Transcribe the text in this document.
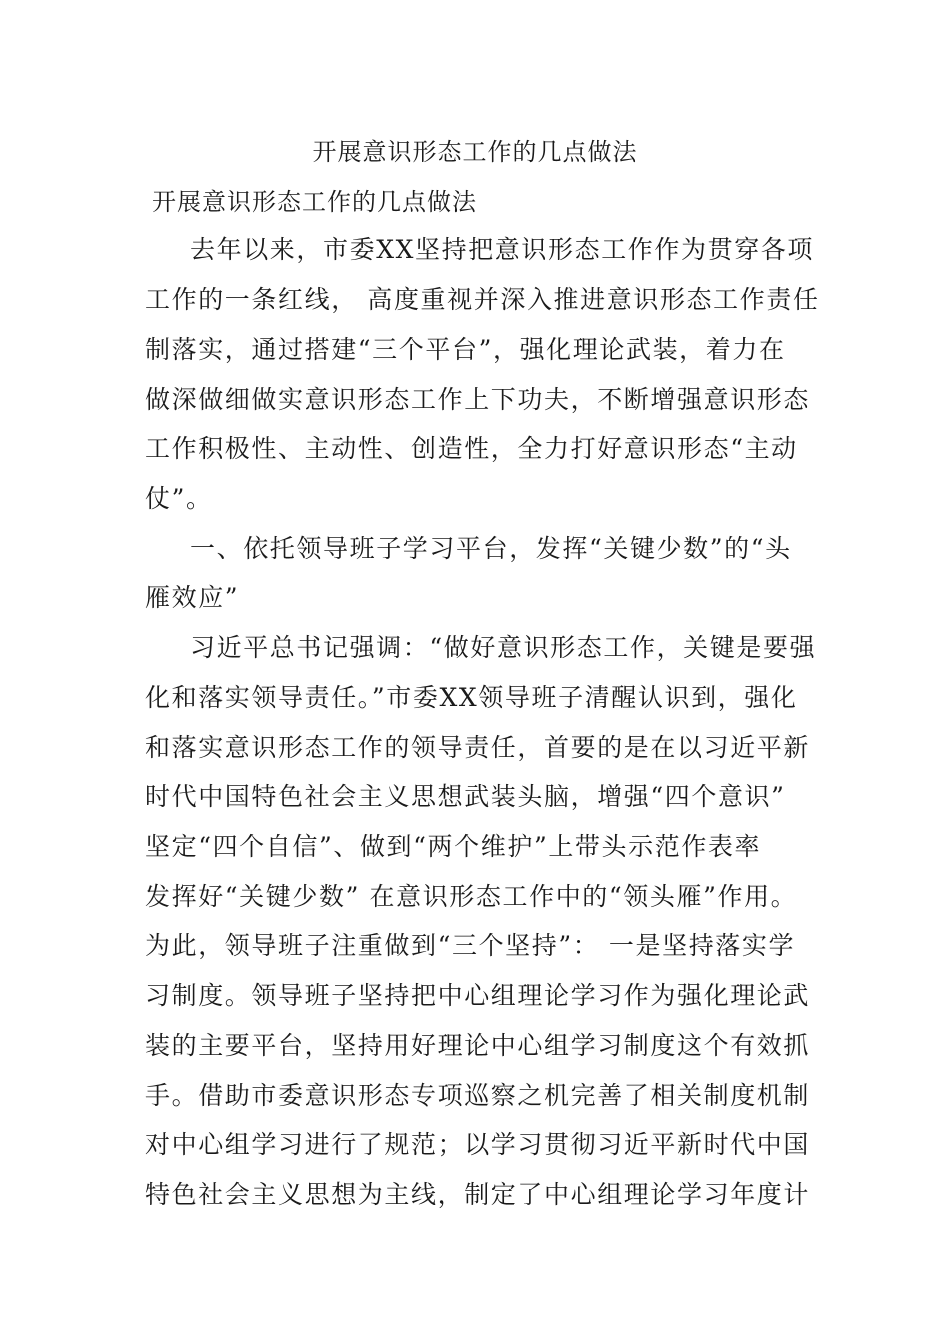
开展意识形态工作的几点做法
开展意识形态工作的几点做法

去年以来，市委XX坚持把意识形态工作作为贯穿各项

工作的一条红线， 高度重视并深入推进意识形态工作责任

制落实，通过搭建“三个平台”，强化理论武装，着力在

做深做细做实意识形态工作上下功夫，不断增强意识形态

工作积极性、主动性、创造性，全力打好意识形态“主动

仗”。

一、依托领导班子学习平台，发挥“关键少数”的“头

雁效应”

习近平总书记强调：“做好意识形态工作，关键是要强

化和落实领导责任。”市委XX领导班子清醒认识到，强化

和落实意识形态工作的领导责任，首要的是在以习近平新

时代中国特色社会主义思想武装头脑，增强“四个意识”

坚定“四个自信”、做到“两个维护”上带头示范作表率

发挥好“关键少数” 在意识形态工作中的“领头雁”作用。

为此，领导班子注重做到“三个坚持”： 一是坚持落实学

习制度。领导班子坚持把中心组理论学习作为强化理论武

装的主要平台，坚持用好理论中心组学习制度这个有效抓

手。借助市委意识形态专项巡察之机完善了相关制度机制

对中心组学习进行了规范；以学习贯彻习近平新时代中国

特色社会主义思想为主线，制定了中心组理论学习年度计
